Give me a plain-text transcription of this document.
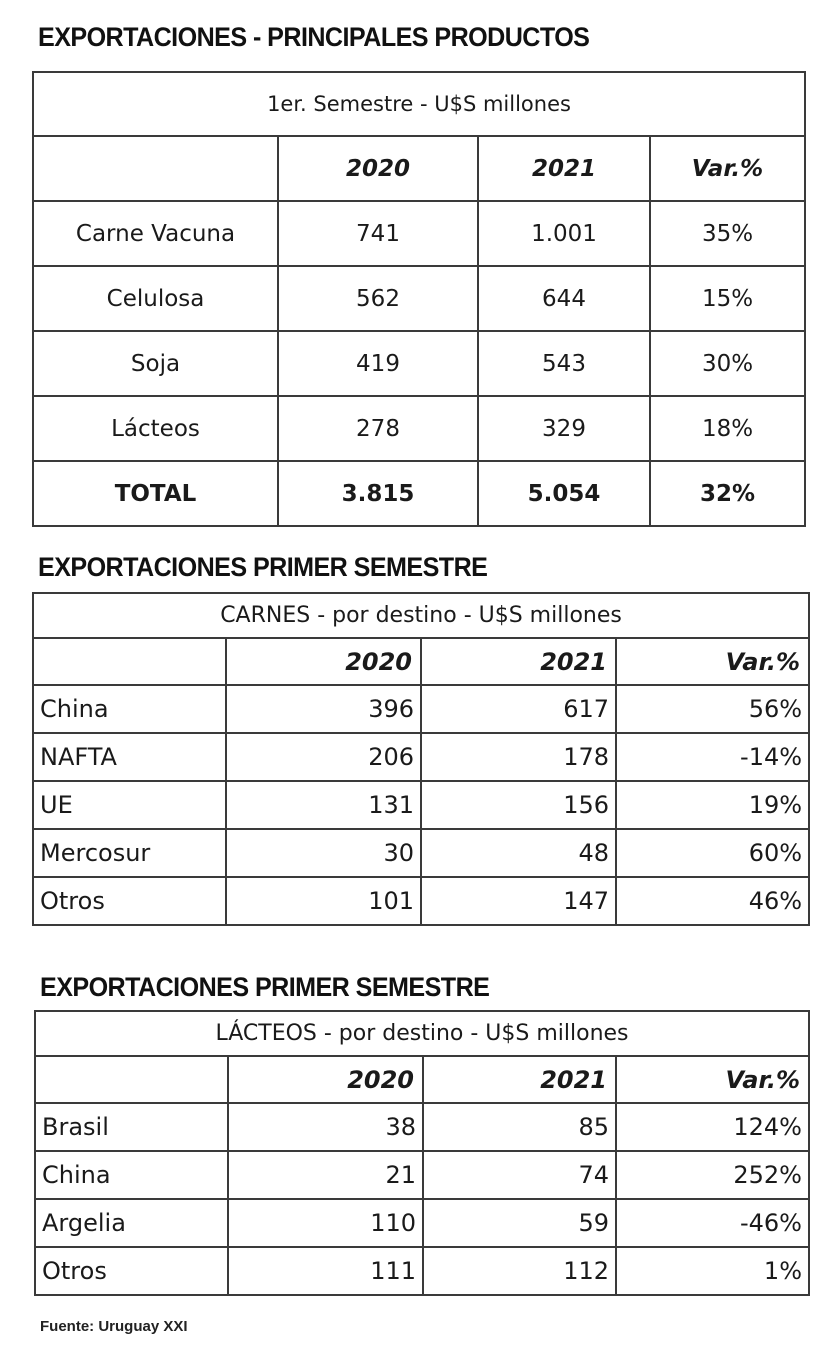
EXPORTACIONES - PRINCIPALES PRODUCTOS
1er. Semestre - U$S millones			
	2020	2021	Var.%
Carne Vacuna	741	1.001	35%
Celulosa	562	644	15%
Soja	419	543	30%
Lácteos	278	329	18%
TOTAL	3.815	5.054	32%
EXPORTACIONES PRIMER SEMESTRE
CARNES - por destino - U$S millones			
	2020	2021	Var.%
China	396	617	56%
NAFTA	206	178	-14%
UE	131	156	19%
Mercosur	30	48	60%
Otros	101	147	46%
EXPORTACIONES PRIMER SEMESTRE
LÁCTEOS - por destino - U$S millones			
	2020	2021	Var.%
Brasil	38	85	124%
China	21	74	252%
Argelia	110	59	-46%
Otros	111	112	1%
Fuente: Uruguay XXI
